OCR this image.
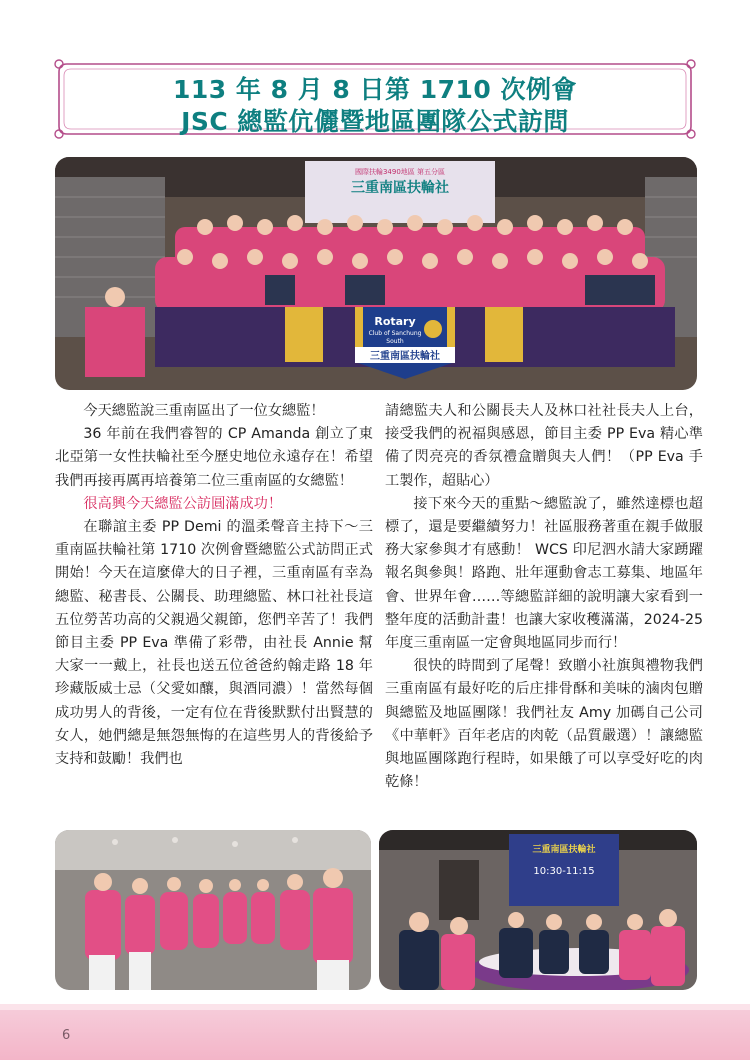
113 年 8 月 8 日第 1710 次例會
JSC 總監伉儷暨地區團隊公式訪問
國際扶輪3490地區 第五分區
三重南區扶輪社
Rotary
Club of Sanchung
South
三重南區扶輪社

今天總監說三重南區出了一位女總監！

36 年前在我們睿智的 CP Amanda 創立了東北亞第一女性扶輪社至今歷史地位永遠存在！希望我們再接再厲再培養第二位三重南區的女總監！

很高興今天總監公訪圓滿成功！

在聯誼主委 PP Demi 的溫柔聲音主持下～三重南區扶輪社第 1710 次例會暨總監公式訪問正式開始！今天在這麼偉大的日子裡，三重南區有幸為總監、秘書長、公關長、助理總監、林口社社長這五位勞苦功高的父親過父親節，您們辛苦了！我們節目主委 PP Eva 準備了彩帶，由社長 Annie 幫大家一一戴上，社長也送五位爸爸約翰走路 18 年珍藏版威士忌（父愛如釀，與酒同濃）！當然每個成功男人的背後，一定有位在背後默默付出賢慧的女人，她們總是無怨無悔的在這些男人的背後給予支持和鼓勵！我們也

請總監夫人和公關長夫人及林口社社長夫人上台，接受我們的祝福與感恩，節目主委 PP Eva 精心準備了閃亮亮的香氛禮盒贈與夫人們！（PP Eva 手工製作，超貼心）

接下來今天的重點～總監說了，雖然達標也超標了，還是要繼續努力！社區服務著重在親手做服務大家參與才有感動！ WCS 印尼泗水請大家踴躍報名與參與！路跑、壯年運動會志工募集、地區年會、世界年會……等總監詳細的說明讓大家看到一整年度的活動計畫！也讓大家收穫滿滿，2024-25 年度三重南區一定會與地區同步而行！

很快的時間到了尾聲！致贈小社旗與禮物我們三重南區有最好吃的后庄排骨酥和美味的滷肉包贈與總監及地區團隊！我們社友 Amy 加碼自己公司《中華軒》百年老店的肉乾（品質嚴選）！讓總監與地區團隊跑行程時，如果餓了可以享受好吃的肉乾條！

三重南區扶輪社
10:30-11:15
6
